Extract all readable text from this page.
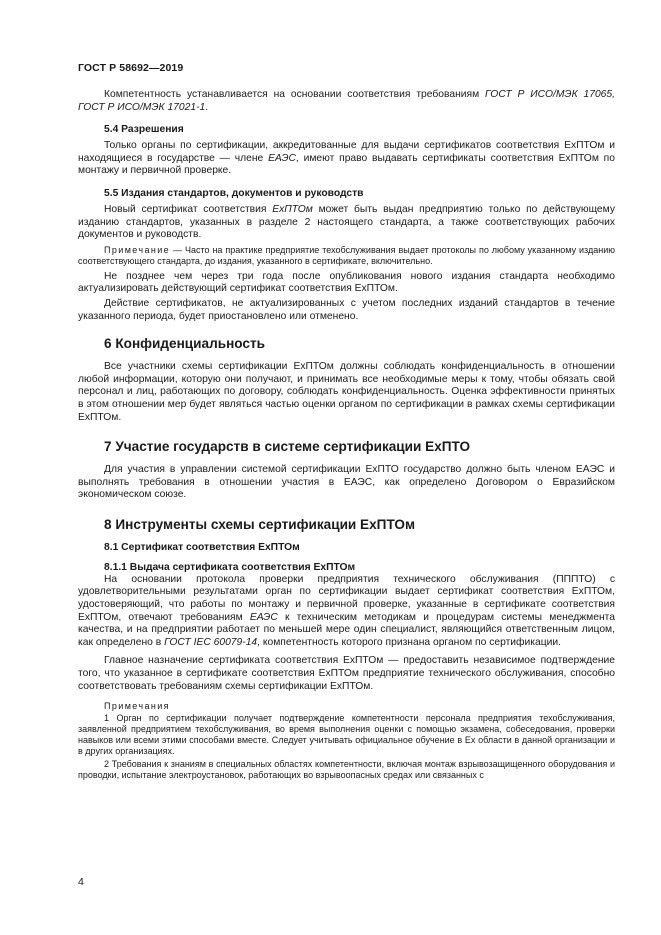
ГОСТ Р 58692—2019

Компетентность устанавливается на основании соответствия требованиям ГОСТ Р ИСО/МЭК 17065, ГОСТ Р ИСО/МЭК 17021-1.

5.4 Разрешения

Только органы по сертификации, аккредитованные для выдачи сертификатов соответствия ExПТОм и находящиеся в государстве — члене ЕАЭС, имеют право выдавать сертификаты соответствия ExПТОм по монтажу и первичной проверке.

5.5 Издания стандартов, документов и руководств

Новый сертификат соответствия ExПТОм может быть выдан предприятию только по действующему изданию стандартов, указанных в разделе 2 настоящего стандарта, а также соответствующих рабочих документов и руководств.

Примечание — Часто на практике предприятие техобслуживания выдает протоколы по любому указанному изданию соответствующего стандарта, до издания, указанного в сертификате, включительно.

Не позднее чем через три года после опубликования нового издания стандарта необходимо актуализировать действующий сертификат соответствия ExПТОм.

Действие сертификатов, не актуализированных с учетом последних изданий стандартов в течение указанного периода, будет приостановлено или отменено.

6 Конфиденциальность

Все участники схемы сертификации ExПТОм должны соблюдать конфиденциальность в отношении любой информации, которую они получают, и принимать все необходимые меры к тому, чтобы обязать свой персонал и лиц, работающих по договору, соблюдать конфиденциальность. Оценка эффективности принятых в этом отношении мер будет являться частью оценки органом по сертификации в рамках схемы сертификации ExПТОм.

7 Участие государств в системе сертификации ExПТО

Для участия в управлении системой сертификации ExПТО государство должно быть членом ЕАЭС и выполнять требования в отношении участия в ЕАЭС, как определено Договором о Евразийском экономическом союзе.

8 Инструменты схемы сертификации ExПТОм
8.1 Сертификат соответствия ExПТОм
8.1.1 Выдача сертификата соответствия ExПТОм

На основании протокола проверки предприятия технического обслуживания (ПППТО) с удовлетворительными результатами орган по сертификации выдает сертификат соответствия ExПТОм, удостоверяющий, что работы по монтажу и первичной проверке, указанные в сертификате соответствия ExПТОм, отвечают требованиям ЕАЭС к техническим методикам и процедурам системы менеджмента качества, и на предприятии работает по меньшей мере один специалист, являющийся ответственным лицом, как определено в ГОСТ IEC 60079-14, компетентность которого признана органом по сертификации.

Главное назначение сертификата соответствия ExПТОм — предоставить независимое подтверждение того, что указанное в сертификате соответствия ExПТОм предприятие технического обслуживания, способно соответствовать требованиям схемы сертификации ExПТОм.

Примечания
1 Орган по сертификации получает подтверждение компетентности персонала предприятия техобслуживания, заявленной предприятием техобслуживания, во время выполнения оценки с помощью экзамена, собеседования, проверки навыков или всеми этими способами вместе. Следует учитывать официальное обучение в Ex области в данной организации и в других организациях.
2 Требования к знаниям в специальных областях компетентности, включая монтаж взрывозащищенного оборудования и проводки, испытание электроустановок, работающих во взрывоопасных средах или связанных с
4
